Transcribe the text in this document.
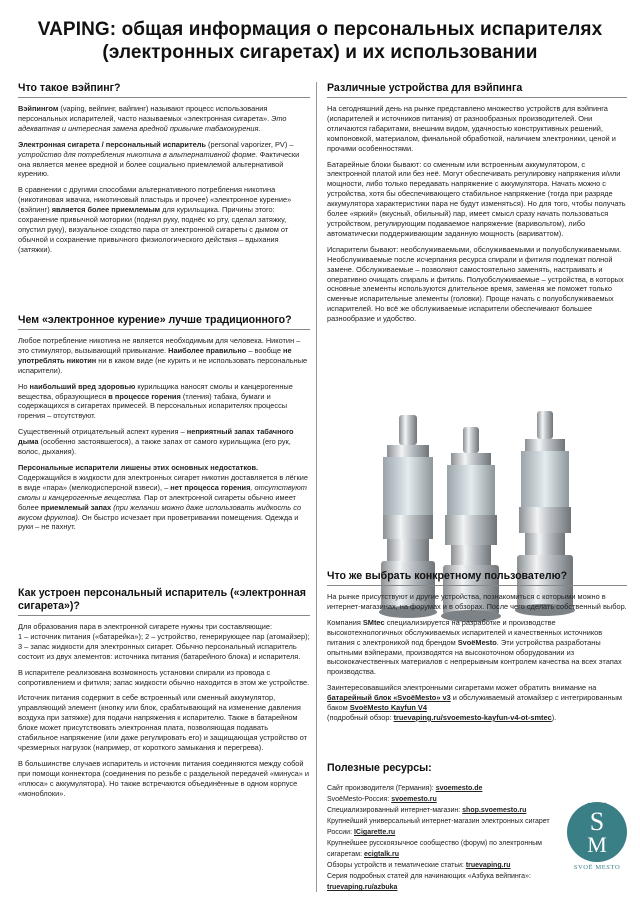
VAPING: общая информация о персональных испарителях (электронных сигаретах) и их использовании
Что такое вэйпинг?

Вэйпингом (vaping, вейпинг, вайпинг) называют процесс использования персональных испарителей, часто называемых «электронная сигарета». Это адекватная и интересная замена вредной привычке табакокурения.

Электронная сигарета / персональный испаритель (personal vaporizer, PV) – устройство для потребления никотина в альтернативной форме. Фактически она является менее вредной и более социально приемлемой альтернативой курению.

В сравнении с другими способами альтернативного потребления никотина (никотиновая жвачка, никотиновый пластырь и прочее) «электронное курение» (вэйпинг) является более приемлемым для курильщика. Причины этого: сохранение привычной моторики (поднял руку, поднёс ко рту, сделал затяжку, опустил руку), визуальное сходство пара от электронной сигареты с дымом от обычной и сохранение привычного физиологического действия – вдыхания (затяжки).

Чем «электронное курение» лучше традиционного?

Любое потребление никотина не является необходимым для человека. Никотин – это стимулятор, вызывающий привыкание. Наиболее правильно – вообще не употреблять никотин ни в каком виде (не курить и не использовать персональные испарители).

Но наибольший вред здоровью курильщика наносят смолы и канцерогенные вещества, образующиеся в процессе горения (тления) табака, бумаги и содержащихся в сигаретах примесей. В персональных испарителях процессы горения – отсутствуют.

Существенный отрицательный аспект курения – неприятный запах табачного дыма (особенно застоявшегося), а также запах от самого курильщика (его рук, волос, дыхания).

Персональные испарители лишены этих основных недостатков. Содержащийся в жидкости для электронных сигарет никотин доставляется в лёгкие в виде «пара» (мелкодисперсной взвеси), – нет процесса горения, отсутствуют смолы и канцерогенные вещества. Пар от электронной сигареты обычно имеет более приемлемый запах (при желании можно даже использовать жидкость со вкусом фруктов). Он быстро исчезает при проветривании помещения. Одежда и руки – не пахнут.

Как устроен персональный испаритель («электронная сигарета»)?

Для образования пара в электронной сигарете нужны три составляющие:
1 – источник питания («батарейка»); 2 – устройство, генерирующее пар (атомайзер); 3 – запас жидкости для электронных сигарет. Обычно персональный испаритель состоит из двух элементов: источника питания (батарейного блока) и испарителя.

В испарителе реализована возможность установки спирали из провода с сопротивлением и фитиля; запас жидкости обычно находится в этом же устройстве.

Источник питания содержит в себе встроенный или сменный аккумулятор, управляющий элемент (кнопку или блок, срабатывающий на изменение давления воздуха при затяжке) для подачи напряжения к испарителю. Также в батарейном блоке может присутствовать электронная плата, позволяющая подавать стабильное напряжение (или даже регулировать его) и защищающая устройство от чрезмерных нагрузок (например, от короткого замыкания и перегрева).

В большинстве случаев испаритель и источник питания соединяются между собой при помощи коннектора (соединения по резьбе с раздельной передачей «минуса» и «плюса» с аккумулятора). Но также встречаются объединённые в одном корпусе «моноблоки».

Различные устройства для вэйпинга

На сегодняшний день на рынке представлено множество устройств для вэйпинга (испарителей и источников питания) от разнообразных производителей. Они отличаются габаритами, внешним видом, удачностью конструктивных решений, компоновкой, материалом, финальной обработкой, наличием электроники, ценой и прочими особенностями.

Батарейные блоки бывают: со сменным или встроенным аккумулятором, с электронной платой или без неё. Могут обеспечивать регулировку напряжения и/или мощности, либо только передавать напряжение с аккумулятора. Начать можно с устройства, хотя бы обеспечивающего стабильное напряжение (тогда при разряде аккумулятора характеристики пара не будут изменяться). Но для того, чтобы получать более «яркий» (вкусный, обильный) пар, имеет смысл сразу начать пользоваться устройством, регулирующим подаваемое напряжение (варивольтом), либо автоматически поддерживающим заданную мощность (вариваттом).

Испарители бывают: необслуживаемыми, обслуживаемыми и полуобслуживаемыми. Необслуживаемые после исчерпания ресурса спирали и фитиля подлежат полной замене. Обслуживаемые – позволяют самостоятельно заменять, настраивать и оперативно очищать спираль и фитиль. Полуобслуживаемые – устройства, в которых основные элементы используются длительное время, заменяя же поможет только сменные испарительные элементы (головки). Проще начать с полуобслуживаемых испарителей. Но всё же обслуживаемые испарители обеспечивают большее разнообразие и удобство.

Что же выбрать конкретному пользователю?

На рынке присутствуют и другие устройства, познакомиться с которыми можно в интернет-магазинах, на форумах и в обзорах. После чего сделать собственный выбор.

Компания SMtec специализируется на разработке и производстве высокотехнологичных обслуживаемых испарителей и качественных источников питания с электроникой под брендом SvoëMesto. Эти устройства разработаны опытными вэйперами, производятся на высокоточном оборудовании из высококачественных материалов с непрерывным контролем качества на всех этапах производства.

Заинтересовавшийся электронными сигаретами может обратить внимание на батарейный блок «SvoëMesto» v3 и обслуживаемый атомайзер с интегрированным баком SvoëMesto Kayfun V4
(подробный обзор: truevaping.ru/svoemesto-kayfun-v4-ot-smtec).

Полезные ресурсы:
Сайт производителя (Германия): svoemesto.de
SvoëMesto-Россия: svoemesto.ru
Специализированный интернет-магазин: shop.svoemesto.ru
Крупнейший универсальный интернет-магазин электронных сигарет России: ICigarette.ru
Крупнейшее русскоязычное сообщество (форум) по электронным сигаретам: ecigtalk.ru
Обзоры устройств и тематические статьи: truevaping.ru
Серия подробных статей для начинающих «Азбука вейпинга»: truevaping.ru/azbuka
S
M
SVOË MESTO
